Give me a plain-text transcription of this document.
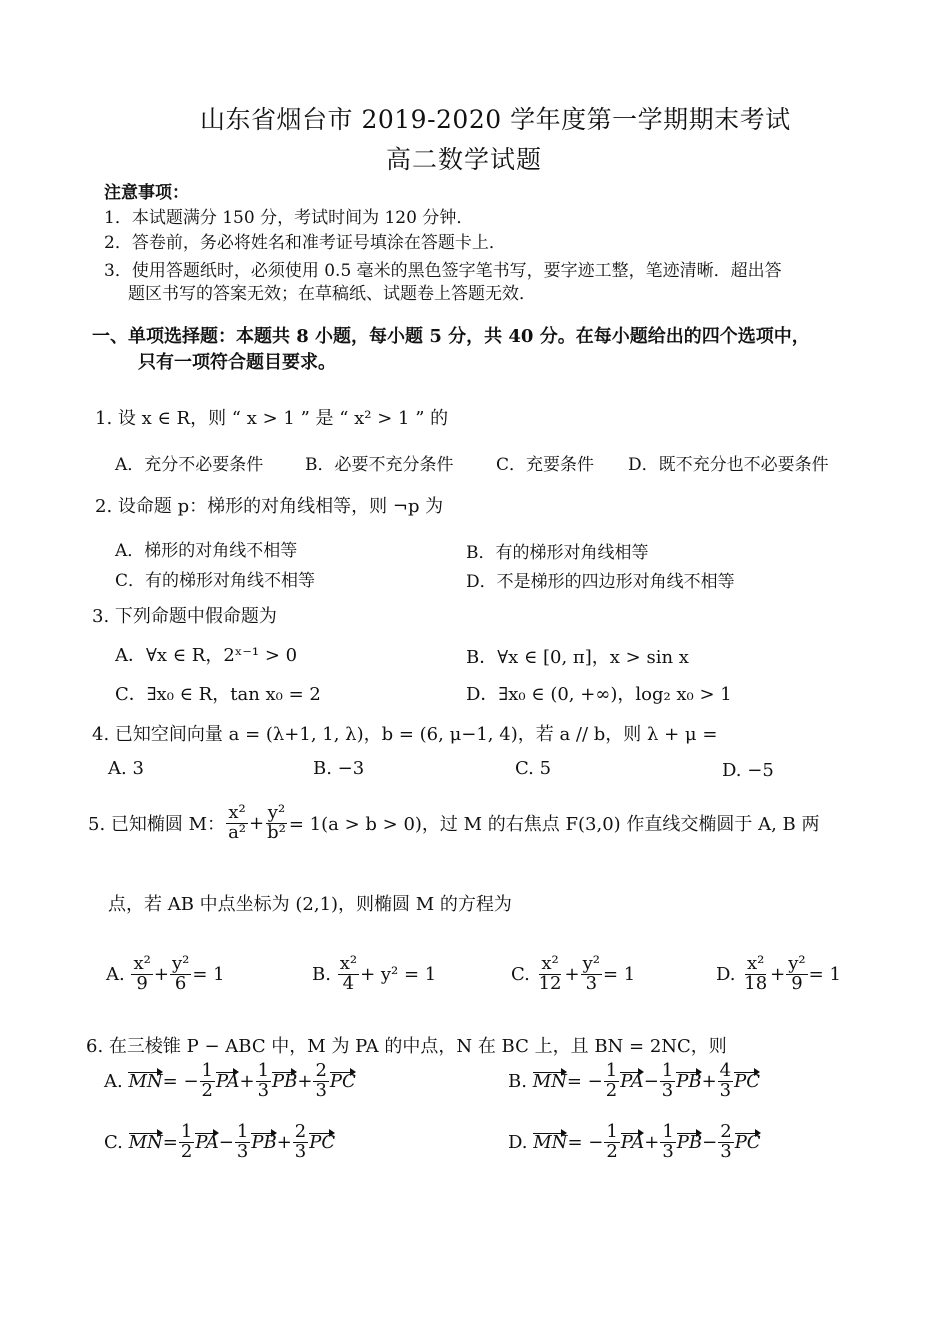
山东省烟台市 2019-2020 学年度第一学期期末考试
高二数学试题
注意事项：
1．本试题满分 150 分，考试时间为 120 分钟．
2．答卷前，务必将姓名和准考证号填涂在答题卡上．
3．使用答题纸时，必须使用 0.5 毫米的黑色签字笔书写，要字迹工整，笔迹清晰．超出答
题区书写的答案无效；在草稿纸、试题卷上答题无效．
一、单项选择题：本题共 8 小题，每小题 5 分，共 40 分。在每小题给出的四个选项中，
只有一项符合题目要求。
1. 设 x ∈ R，则 “ x > 1 ” 是 “ x² > 1 ” 的
A．充分不必要条件 B．必要不充分条件	C．充要条件 D．既不充分也不必要条件
2. 设命题 p：梯形的对角线相等，则 ¬p 为
A．梯形的对角线不相等	B．有的梯形对角线相等
C．有的梯形对角线不相等	D．不是梯形的四边形对角线不相等
3. 下列命题中假命题为
A．∀x ∈ R，2ˣ⁻¹ > 0	B．∀x ∈ [0, π]，x > sin x
C．∃x₀ ∈ R，tan x₀ = 2	D．∃x₀ ∈ (0, +∞)，log₂ x₀ > 1
4. 已知空间向量 a = (λ+1, 1, λ)，b = (6, μ−1, 4)，若 a // b，则 λ + μ =
A. 3	B. −3	C. 5	D. −5
5. 已知椭圆 M： $\frac{\text{x²}}{\text{a²}} + \frac{\text{y²}}{\text{b²}} = 1(a > b > 0)$，过 M 的右焦点 F(3,0) 作直线交椭圆于 A, B 两
点，若 AB 中点坐标为 (2,1)，则椭圆 M 的方程为
A.
$\frac{\text{x²}}{9} + \frac{\text{y²}}{6} = 1$	B.
$\frac{\text{x²}}{4} + y^2 = 1$	C.
$\frac{\text{x²}}{12} + \frac{\text{y²}}{3} = 1$	D.
$\frac{\text{x²}}{18} + \frac{\text{y²}}{9} = 1$
6. 在三棱锥 P − ABC 中，M 为 PA 的中点，N 在 BC 上，且 BN = 2NC，则
A.
MN = − $\frac{1}{2}$ PA + $\frac{1}{3}$ PB + $\frac{2}{3}$ PC	B.
MN = − $\frac{1}{2}$ PA − $\frac{1}{3}$ PB + $\frac{4}{3}$ PC
C.
MN = $\frac{1}{2}$ PA − $\frac{1}{3}$ PB + $\frac{2}{3}$ PC	D.
MN = − $\frac{1}{2}$ PA + $\frac{1}{3}$ PB − $\frac{2}{3}$ PC
